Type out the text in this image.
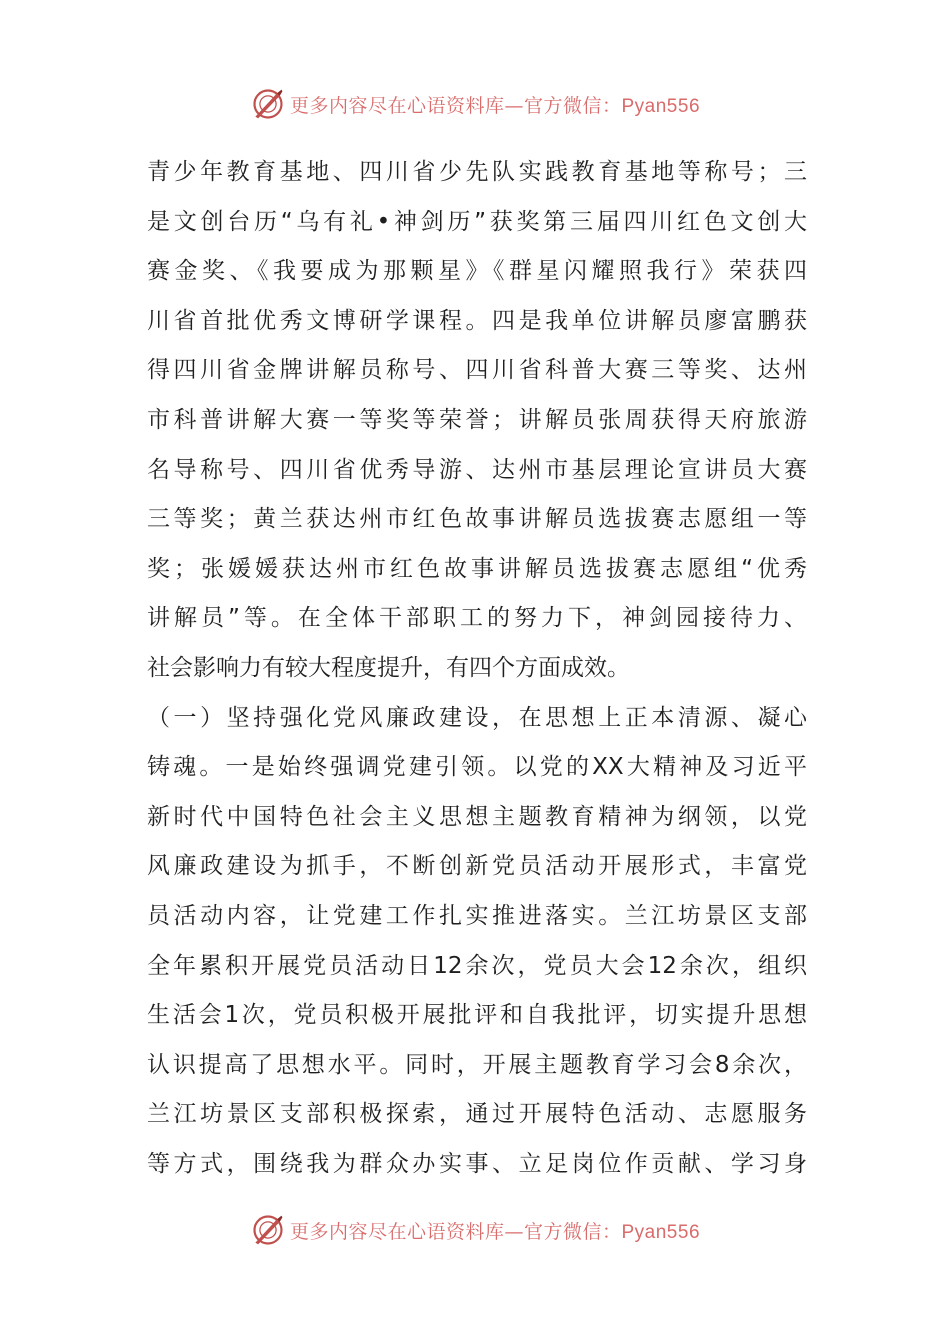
更多内容尽在心语资料库—官方微信：Pyan556
青少年教育基地、四川省少先队实践教育基地等称号；三
是文创台历“乌有礼•神剑历”获奖第三届四川红色文创大
赛金奖、《我要成为那颗星》《群星闪耀照我行》荣获四
川省首批优秀文博研学课程。四是我单位讲解员廖富鹏获
得四川省金牌讲解员称号、四川省科普大赛三等奖、达州
市科普讲解大赛一等奖等荣誉；讲解员张周获得天府旅游
名导称号、四川省优秀导游、达州市基层理论宣讲员大赛
三等奖；黄兰获达州市红色故事讲解员选拔赛志愿组一等
奖；张媛媛获达州市红色故事讲解员选拔赛志愿组“优秀
讲解员”等。在全体干部职工的努力下，神剑园接待力、
社会影响力有较大程度提升，有四个方面成效。
（一）坚持强化党风廉政建设，在思想上正本清源、凝心
铸魂。一是始终强调党建引领。以党的XX大精神及习近平
新时代中国特色社会主义思想主题教育精神为纲领，以党
风廉政建设为抓手，不断创新党员活动开展形式，丰富党
员活动内容，让党建工作扎实推进落实。兰江坊景区支部
全年累积开展党员活动日12余次，党员大会12余次，组织
生活会1次，党员积极开展批评和自我批评，切实提升思想
认识提高了思想水平。同时，开展主题教育学习会8余次，
兰江坊景区支部积极探索，通过开展特色活动、志愿服务
等方式，围绕我为群众办实事、立足岗位作贡献、学习身
更多内容尽在心语资料库—官方微信：Pyan556
